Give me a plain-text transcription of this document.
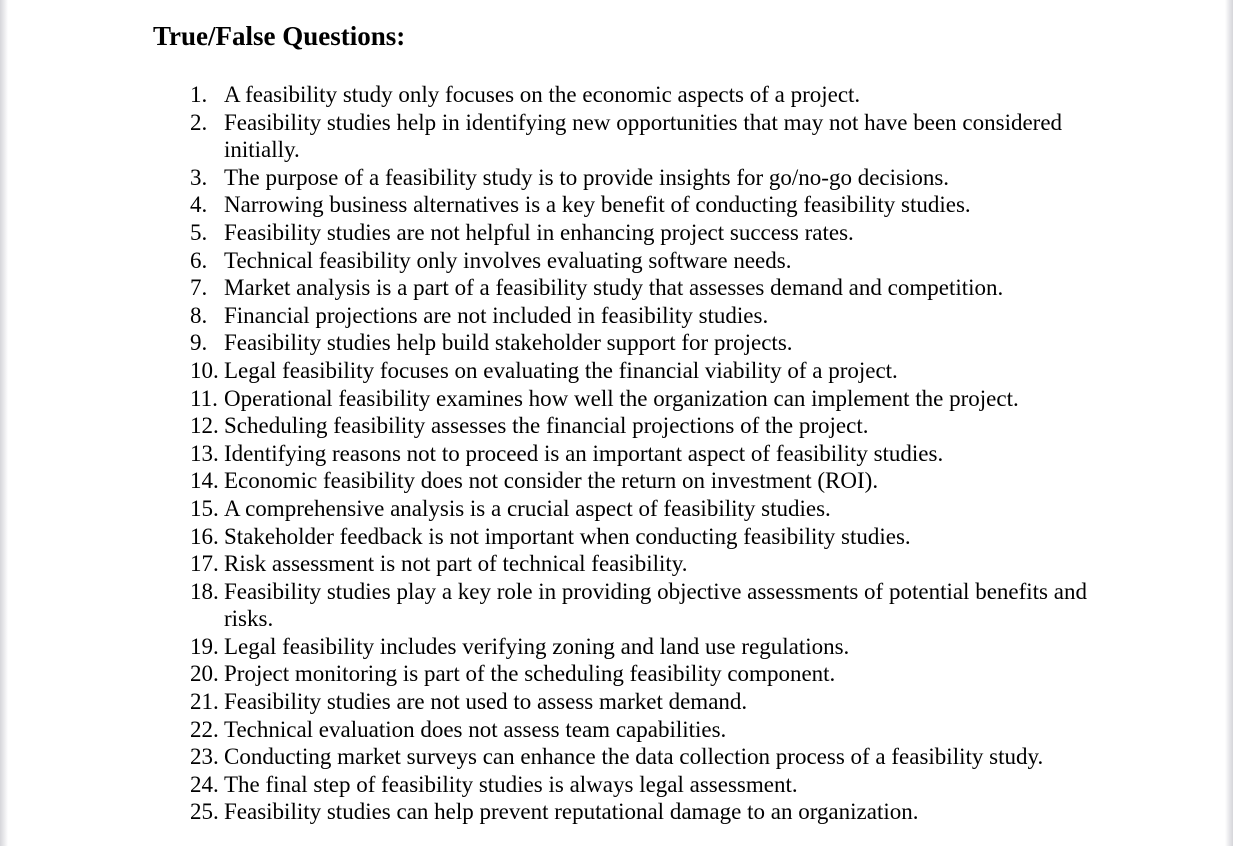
True/False Questions:
1. A feasibility study only focuses on the economic aspects of a project.
2. Feasibility studies help in identifying new opportunities that may not have been considered initially.
3. The purpose of a feasibility study is to provide insights for go/no-go decisions.
4. Narrowing business alternatives is a key benefit of conducting feasibility studies.
5. Feasibility studies are not helpful in enhancing project success rates.
6. Technical feasibility only involves evaluating software needs.
7. Market analysis is a part of a feasibility study that assesses demand and competition.
8. Financial projections are not included in feasibility studies.
9. Feasibility studies help build stakeholder support for projects.
10. Legal feasibility focuses on evaluating the financial viability of a project.
11. Operational feasibility examines how well the organization can implement the project.
12. Scheduling feasibility assesses the financial projections of the project.
13. Identifying reasons not to proceed is an important aspect of feasibility studies.
14. Economic feasibility does not consider the return on investment (ROI).
15. A comprehensive analysis is a crucial aspect of feasibility studies.
16. Stakeholder feedback is not important when conducting feasibility studies.
17. Risk assessment is not part of technical feasibility.
18. Feasibility studies play a key role in providing objective assessments of potential benefits and risks.
19. Legal feasibility includes verifying zoning and land use regulations.
20. Project monitoring is part of the scheduling feasibility component.
21. Feasibility studies are not used to assess market demand.
22. Technical evaluation does not assess team capabilities.
23. Conducting market surveys can enhance the data collection process of a feasibility study.
24. The final step of feasibility studies is always legal assessment.
25. Feasibility studies can help prevent reputational damage to an organization.
